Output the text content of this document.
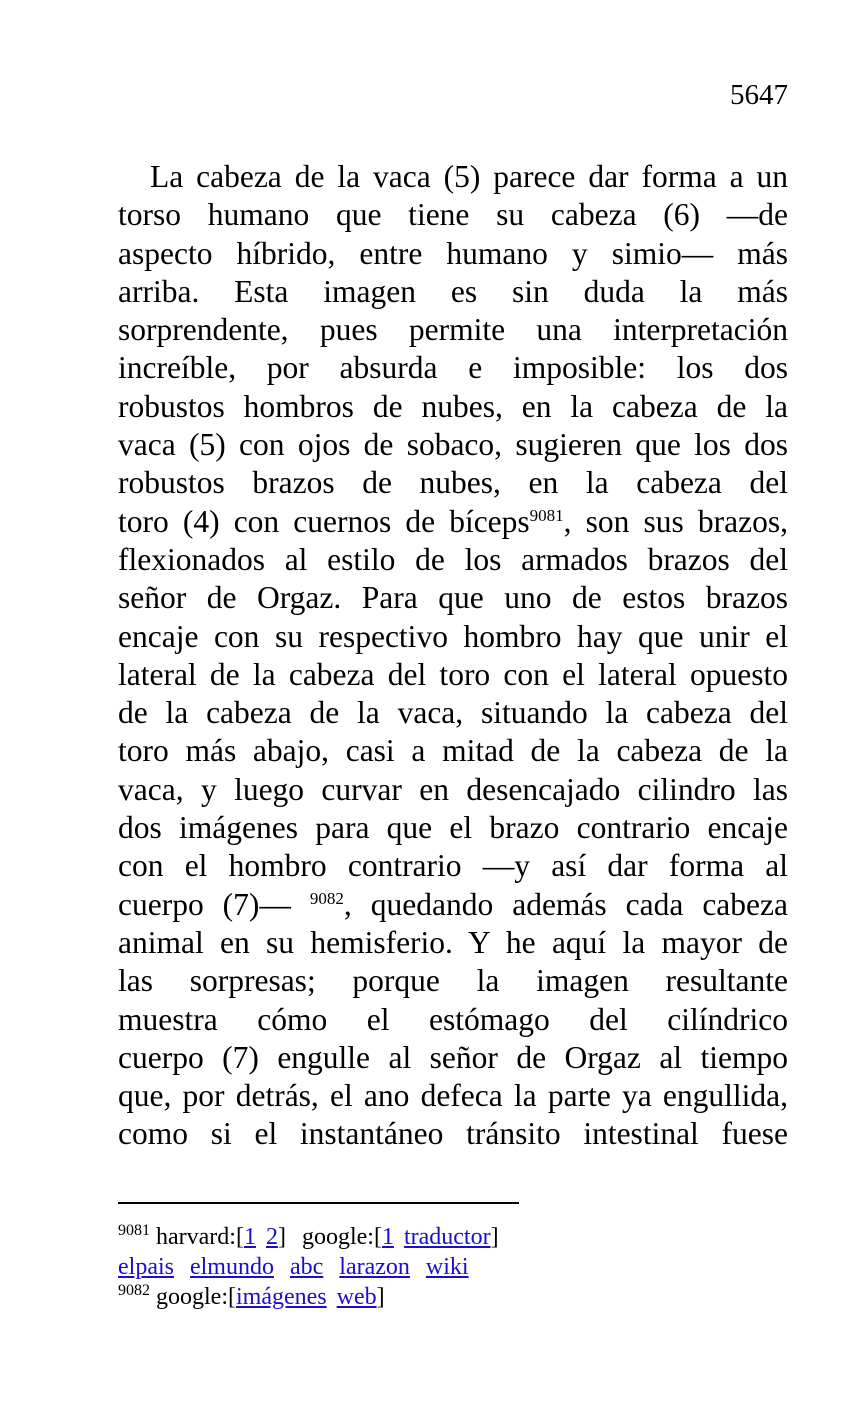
5647
La cabeza de la vaca (5) parece dar forma a un
torso humano que tiene su cabeza (6) —de
aspecto híbrido, entre humano y simio— más
arriba. Esta imagen es sin duda la más
sorprendente, pues permite una interpretación
increíble, por absurda e imposible: los dos
robustos hombros de nubes, en la cabeza de la
vaca (5) con ojos de sobaco, sugieren que los dos
robustos brazos de nubes, en la cabeza del
toro (4) con cuernos de bíceps$^{9081}$, son sus brazos,
flexionados al estilo de los armados brazos del
señor de Orgaz. Para que uno de estos brazos
encaje con su respectivo hombro hay que unir el
lateral de la cabeza del toro con el lateral opuesto
de la cabeza de la vaca, situando la cabeza del
toro más abajo, casi a mitad de la cabeza de la
vaca, y luego curvar en desencajado cilindro las
dos imágenes para que el brazo contrario encaje
con el hombro contrario —y así dar forma al
cuerpo (7)— $^{9082}$, quedando además cada cabeza
animal en su hemisferio. Y he aquí la mayor de
las sorpresas; porque la imagen resultante
muestra cómo el estómago del cilíndrico
cuerpo (7) engulle al señor de Orgaz al tiempo
que, por detrás, el ano defeca la parte ya engullida,
como si el instantáneo tránsito intestinal fuese
$^{9081}$ harvard:[1 2] google:[1 traductor]
elpais elmundo abc larazon wiki
$^{9082}$ google:[imágenes web]
